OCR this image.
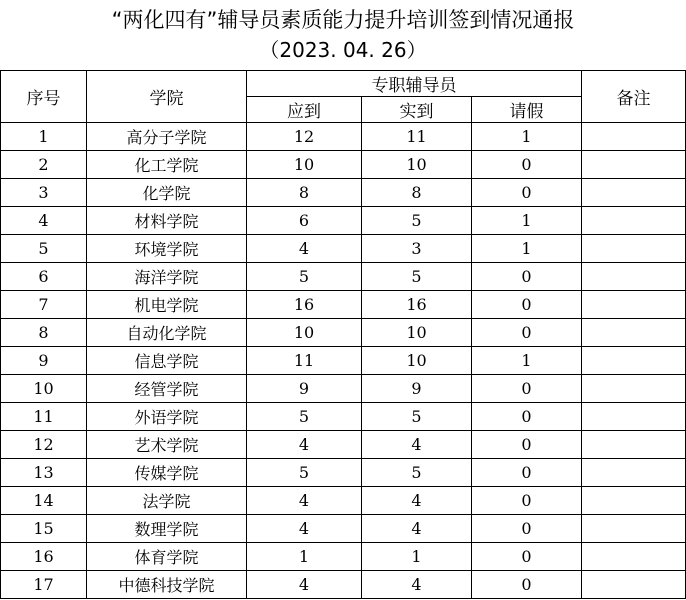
“两化四有”辅导员素质能力提升培训签到情况通报
（2023. 04. 26）
序号	学院	专职辅导员			备注
		应到	实到	请假	
1	高分子学院	12	11	1	
2	化工学院	10	10	0	
3	化学院	8	8	0	
4	材料学院	6	5	1	
5	环境学院	4	3	1	
6	海洋学院	5	5	0	
7	机电学院	16	16	0	
8	自动化学院	10	10	0	
9	信息学院	11	10	1	
10	经管学院	9	9	0	
11	外语学院	5	5	0	
12	艺术学院	4	4	0	
13	传媒学院	5	5	0	
14	法学院	4	4	0	
15	数理学院	4	4	0	
16	体育学院	1	1	0	
17	中德科技学院	4	4	0	
